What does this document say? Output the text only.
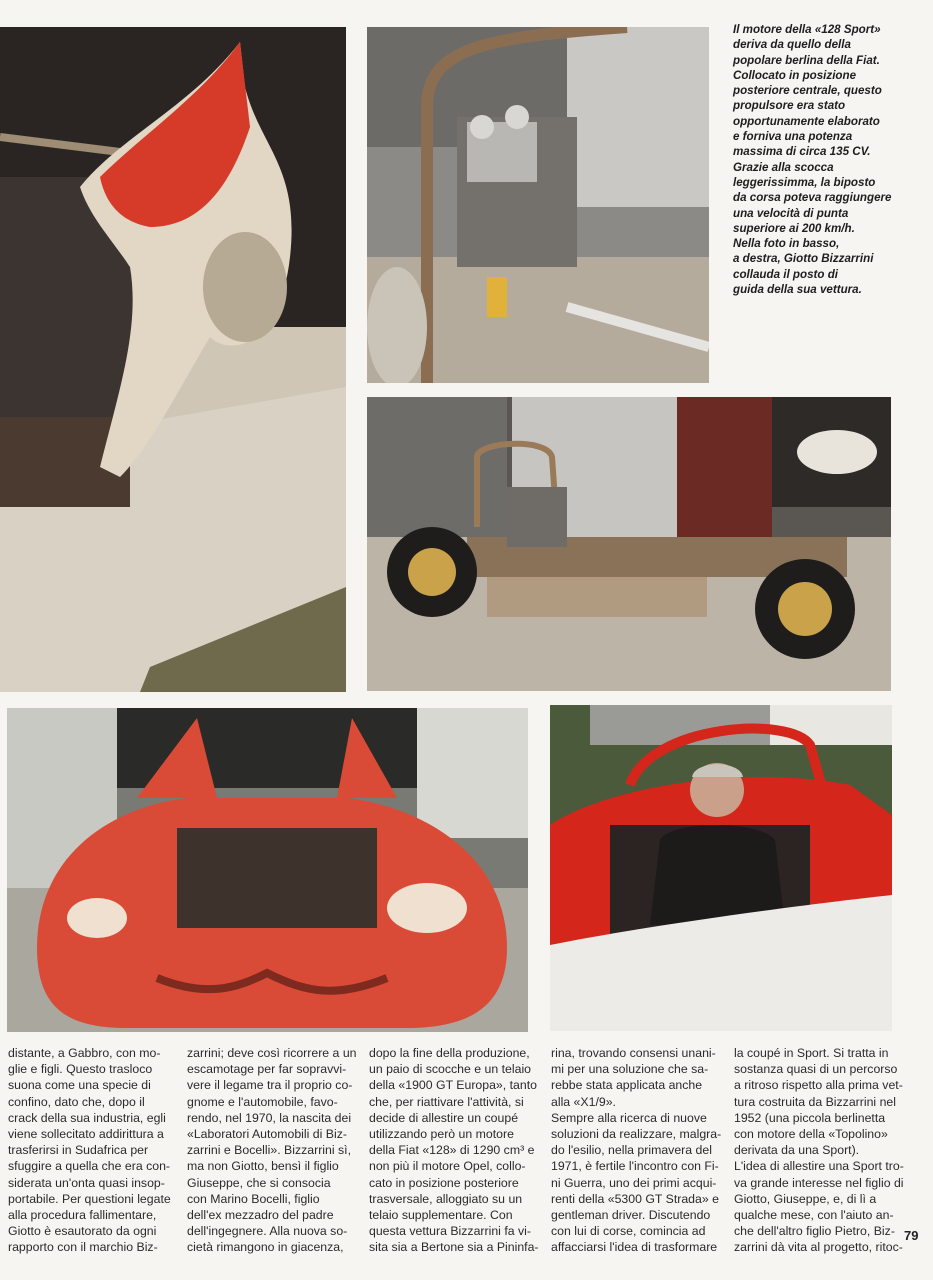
Il motore della «128 Sport»
deriva da quello della
popolare berlina della Fiat.
Collocato in posizione
posteriore centrale, questo
propulsore era stato
opportunamente elaborato
e forniva una potenza
massima di circa 135 CV.
Grazie alla scocca
leggerissimma, la biposto
da corsa poteva raggiungere
una velocità di punta
superiore ai 200 km/h.
Nella foto in basso,
a destra, Giotto Bizzarrini
collauda il posto di
guida della sua vettura.
distante, a Gabbro, con mo-
glie e figli. Questo trasloco
suona come una specie di
confino, dato che, dopo il
crack della sua industria, egli
viene sollecitato addirittura a
trasferirsi in Sudafrica per
sfuggire a quella che era con-
siderata un'onta quasi insop-
portabile. Per questioni legate
alla procedura fallimentare,
Giotto è esautorato da ogni
rapporto con il marchio Biz-
zarrini; deve così ricorrere a un
escamotage per far sopravvi-
vere il legame tra il proprio co-
gnome e l'automobile, favo-
rendo, nel 1970, la nascita dei
«Laboratori Automobili di Biz-
zarrini e Bocelli». Bizzarrini sì,
ma non Giotto, bensì il figlio
Giuseppe, che si consocia
con Marino Bocelli, figlio
dell'ex mezzadro del padre
dell'ingegnere. Alla nuova so-
cietà rimangono in giacenza,
dopo la fine della produzione,
un paio di scocche e un telaio
della «1900 GT Europa», tanto
che, per riattivare l'attività, si
decide di allestire un coupé
utilizzando però un motore
della Fiat «128» di 1290 cm³ e
non più il motore Opel, collo-
cato in posizione posteriore
trasversale, alloggiato su un
telaio supplementare. Con
questa vettura Bizzarrini fa vi-
sita sia a Bertone sia a Pininfa-
rina, trovando consensi unani-
mi per una soluzione che sa-
rebbe stata applicata anche
alla «X1/9».
Sempre alla ricerca di nuove
soluzioni da realizzare, malgra-
do l'esilio, nella primavera del
1971, è fertile l'incontro con Fi-
ni Guerra, uno dei primi acqui-
renti della «5300 GT Strada» e
gentleman driver. Discutendo
con lui di corse, comincia ad
affacciarsi l'idea di trasformare
la coupé in Sport. Si tratta in
sostanza quasi di un percorso
a ritroso rispetto alla prima vet-
tura costruita da Bizzarrini nel
1952 (una piccola berlinetta
con motore della «Topolino»
derivata da una Sport).
L'idea di allestire una Sport tro-
va grande interesse nel figlio di
Giotto, Giuseppe, e, di lì a
qualche mese, con l'aiuto an-
che dell'altro figlio Pietro, Biz-
zarrini dà vita al progetto, ritoc-
79
